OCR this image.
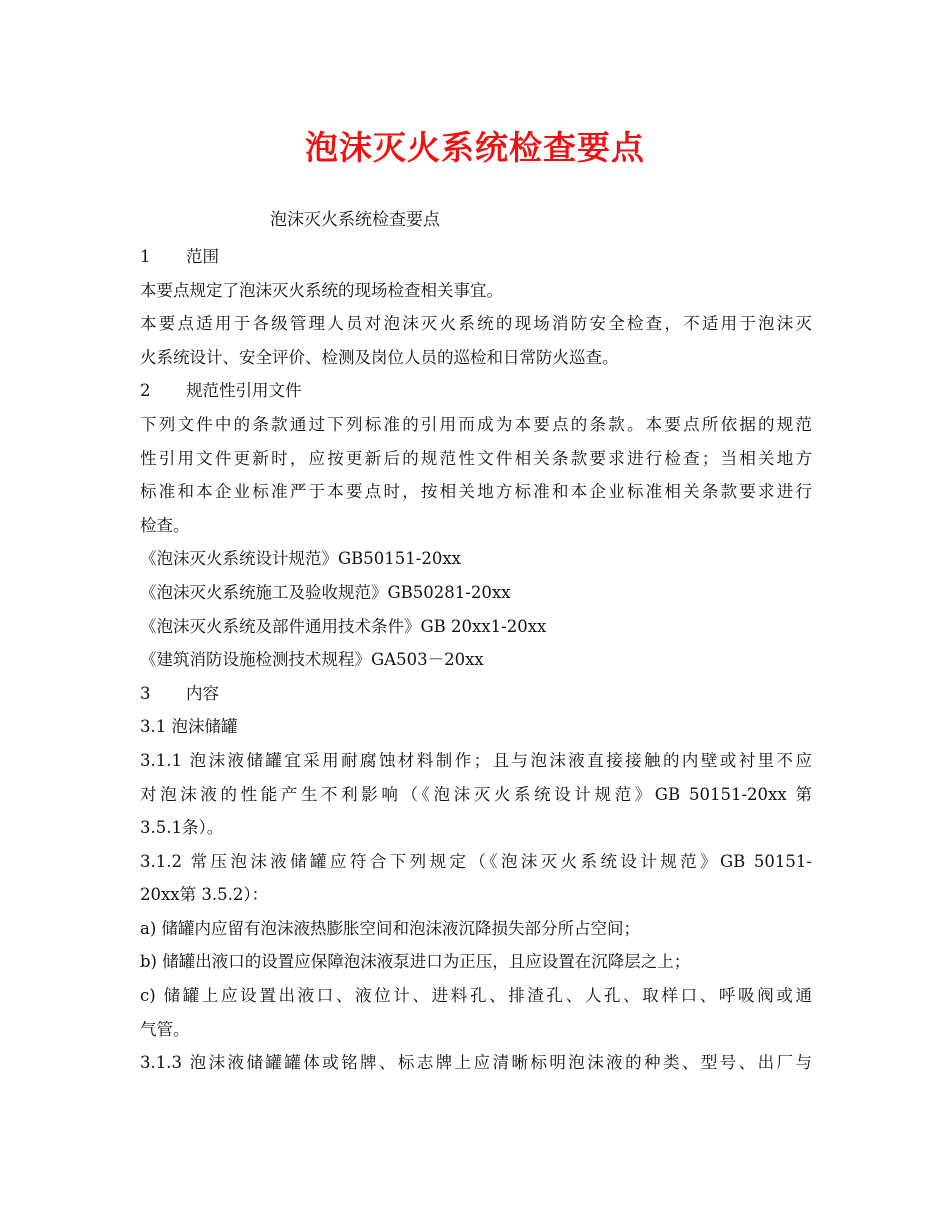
泡沫灭火系统检查要点
泡沫灭火系统检查要点
1 范围
本要点规定了泡沫灭火系统的现场检查相关事宜。
本要点适用于各级管理人员对泡沫灭火系统的现场消防安全检查，不适用于泡沫灭
火系统设计、安全评价、检测及岗位人员的巡检和日常防火巡查。
2 规范性引用文件
下列文件中的条款通过下列标准的引用而成为本要点的条款。本要点所依据的规范
性引用文件更新时，应按更新后的规范性文件相关条款要求进行检查；当相关地方
标准和本企业标准严于本要点时，按相关地方标准和本企业标准相关条款要求进行
检查。
《泡沫灭火系统设计规范》GB50151-20xx
《泡沫灭火系统施工及验收规范》GB50281-20xx
《泡沫灭火系统及部件通用技术条件》GB 20xx1-20xx
《建筑消防设施检测技术规程》GA503－20xx
3 内容
3.1 泡沫储罐
3.1.1 泡沫液储罐宜采用耐腐蚀材料制作；且与泡沫液直接接触的内壁或衬里不应
对泡沫液的性能产生不利影响（《泡沫灭火系统设计规范》GB 50151-20xx 第
3.5.1条）。
3.1.2 常压泡沫液储罐应符合下列规定（《泡沫灭火系统设计规范》GB 50151-
20xx第 3.5.2）：
a) 储罐内应留有泡沫液热膨胀空间和泡沫液沉降损失部分所占空间；
b) 储罐出液口的设置应保障泡沫液泵进口为正压，且应设置在沉降层之上；
c) 储罐上应设置出液口、液位计、进料孔、排渣孔、人孔、取样口、呼吸阀或通
气管。
3.1.3 泡沫液储罐罐体或铭牌、标志牌上应清晰标明泡沫液的种类、型号、出厂与
